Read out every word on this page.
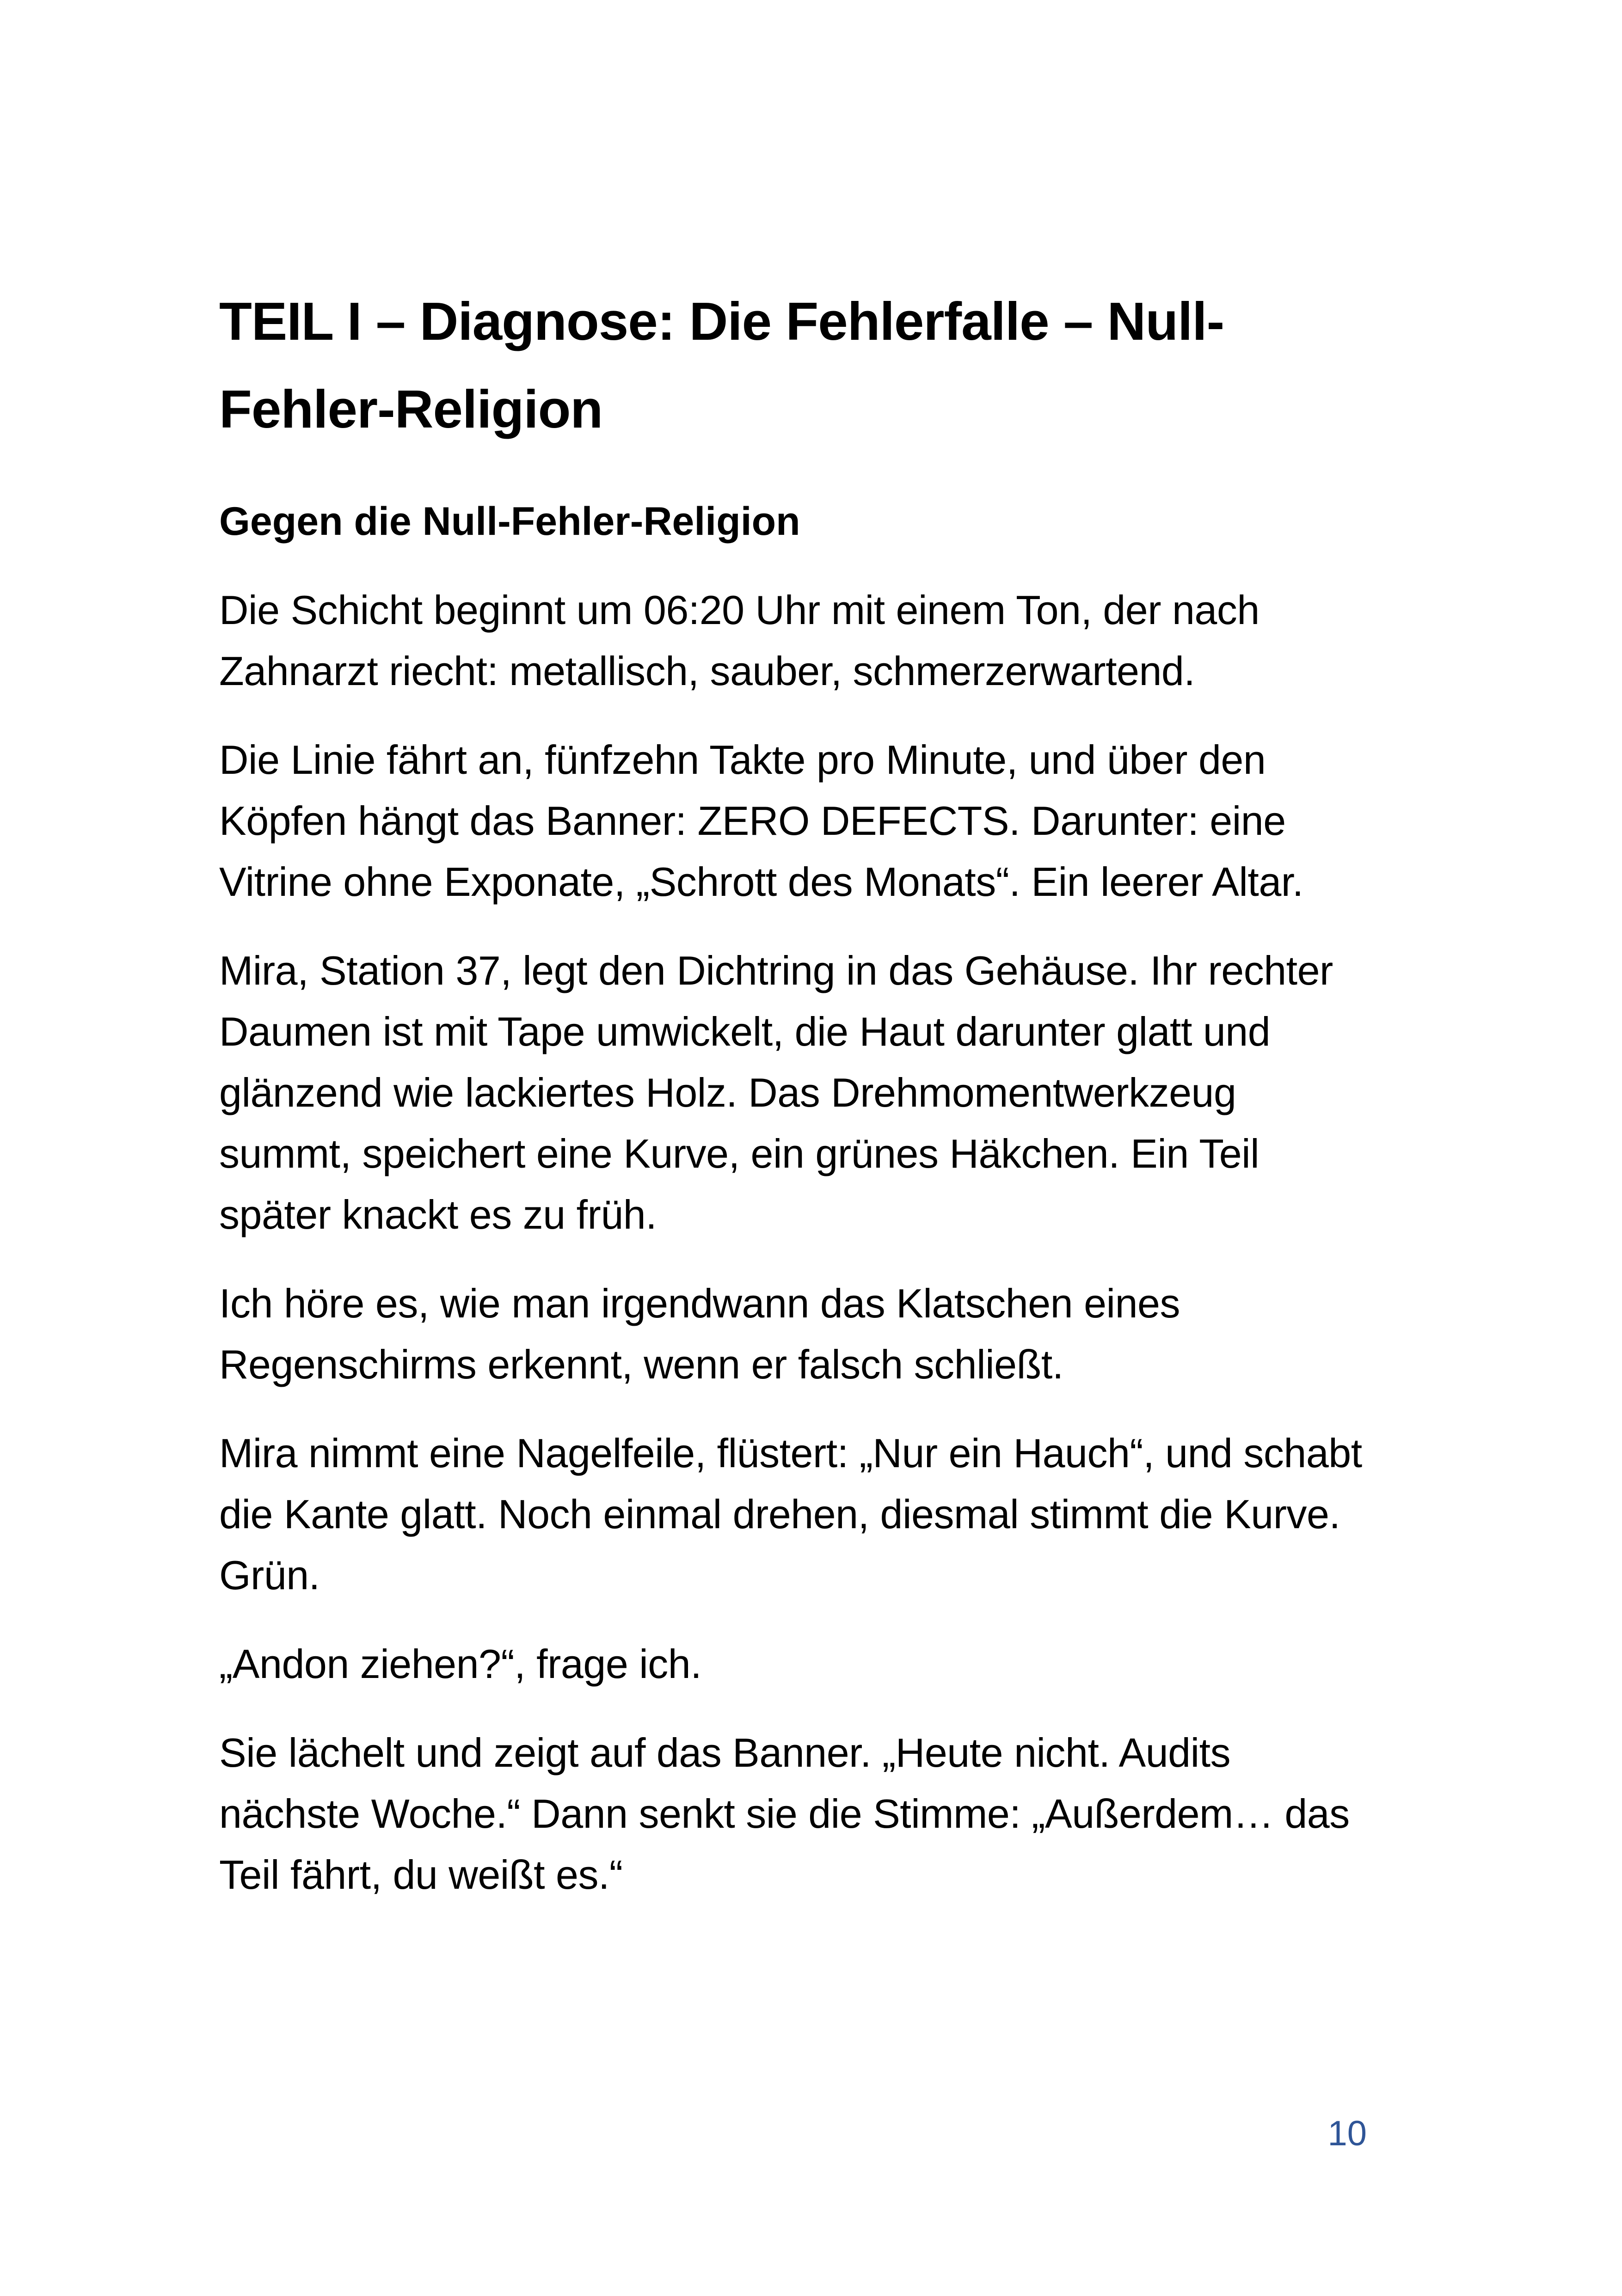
TEIL I – Diagnose: Die Fehlerfalle – Null-Fehler-Religion
Gegen die Null-Fehler-Religion

Die Schicht beginnt um 06:20 Uhr mit einem Ton, der nach Zahnarzt riecht: metallisch, sauber, schmerzerwartend.

Die Linie fährt an, fünfzehn Takte pro Minute, und über den Köpfen hängt das Banner: ZERO DEFECTS. Darunter: eine Vitrine ohne Exponate, „Schrott des Monats“. Ein leerer Altar.

Mira, Station 37, legt den Dichtring in das Gehäuse. Ihr rechter Daumen ist mit Tape umwickelt, die Haut darunter glatt und glänzend wie lackiertes Holz. Das Drehmomentwerkzeug summt, speichert eine Kurve, ein grünes Häkchen. Ein Teil später knackt es zu früh.

Ich höre es, wie man irgendwann das Klatschen eines Regenschirms erkennt, wenn er falsch schließt.

Mira nimmt eine Nagelfeile, flüstert: „Nur ein Hauch“, und schabt die Kante glatt. Noch einmal drehen, diesmal stimmt die Kurve. Grün.

„Andon ziehen?“, frage ich.

Sie lächelt und zeigt auf das Banner. „Heute nicht. Audits nächste Woche.“ Dann senkt sie die Stimme: „Außerdem… das Teil fährt, du weißt es.“

10
